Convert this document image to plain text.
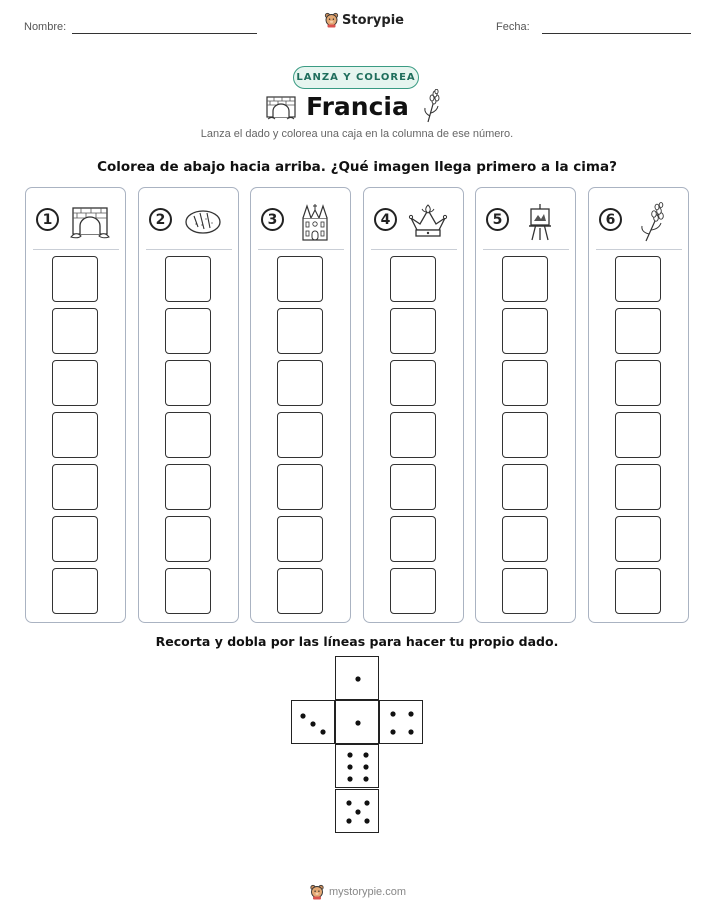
Nombre:	Storypie	Fecha:
LANZA Y COLOREA
Francia
Lanza el dado y colorea una caja en la columna de ese número.
Colorea de abajo hacia arriba. ¿Qué imagen llega primero a la cima?
1	2	3	4	5	6
Recorta y dobla por las líneas para hacer tu propio dado.
mystorypie.com
